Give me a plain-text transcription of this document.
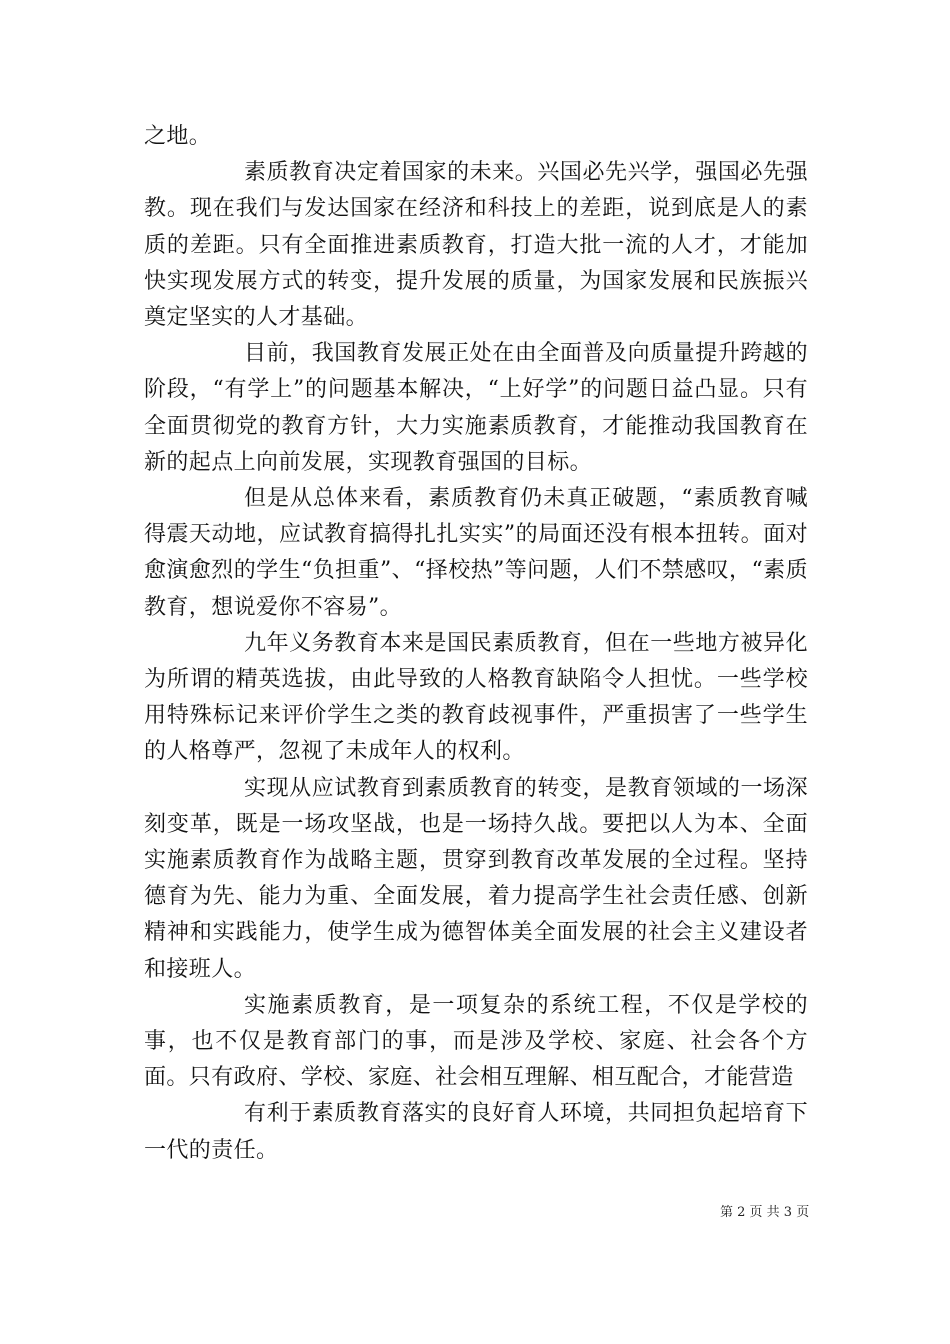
之地。

素质教育决定着国家的未来。兴国必先兴学，强国必先强教。现在我们与发达国家在经济和科技上的差距，说到底是人的素质的差距。只有全面推进素质教育，打造大批一流的人才，才能加快实现发展方式的转变，提升发展的质量，为国家发展和民族振兴奠定坚实的人才基础。

目前，我国教育发展正处在由全面普及向质量提升跨越的阶段，“有学上”的问题基本解决，“上好学”的问题日益凸显。只有全面贯彻党的教育方针，大力实施素质教育，才能推动我国教育在新的起点上向前发展，实现教育强国的目标。

但是从总体来看，素质教育仍未真正破题，“素质教育喊得震天动地，应试教育搞得扎扎实实”的局面还没有根本扭转。面对愈演愈烈的学生“负担重”、“择校热”等问题，人们不禁感叹，“素质教育，想说爱你不容易”。

九年义务教育本来是国民素质教育，但在一些地方被异化为所谓的精英选拔，由此导致的人格教育缺陷令人担忧。一些学校用特殊标记来评价学生之类的教育歧视事件，严重损害了一些学生的人格尊严，忽视了未成年人的权利。

实现从应试教育到素质教育的转变，是教育领域的一场深刻变革，既是一场攻坚战，也是一场持久战。要把以人为本、全面实施素质教育作为战略主题，贯穿到教育改革发展的全过程。坚持德育为先、能力为重、全面发展，着力提高学生社会责任感、创新精神和实践能力，使学生成为德智体美全面发展的社会主义建设者和接班人。

实施素质教育，是一项复杂的系统工程，不仅是学校的事，也不仅是教育部门的事，而是涉及学校、家庭、社会各个方面。只有政府、学校、家庭、社会相互理解、相互配合，才能营造

有利于素质教育落实的良好育人环境，共同担负起培育下一代的责任。

第 2 页 共 3 页
